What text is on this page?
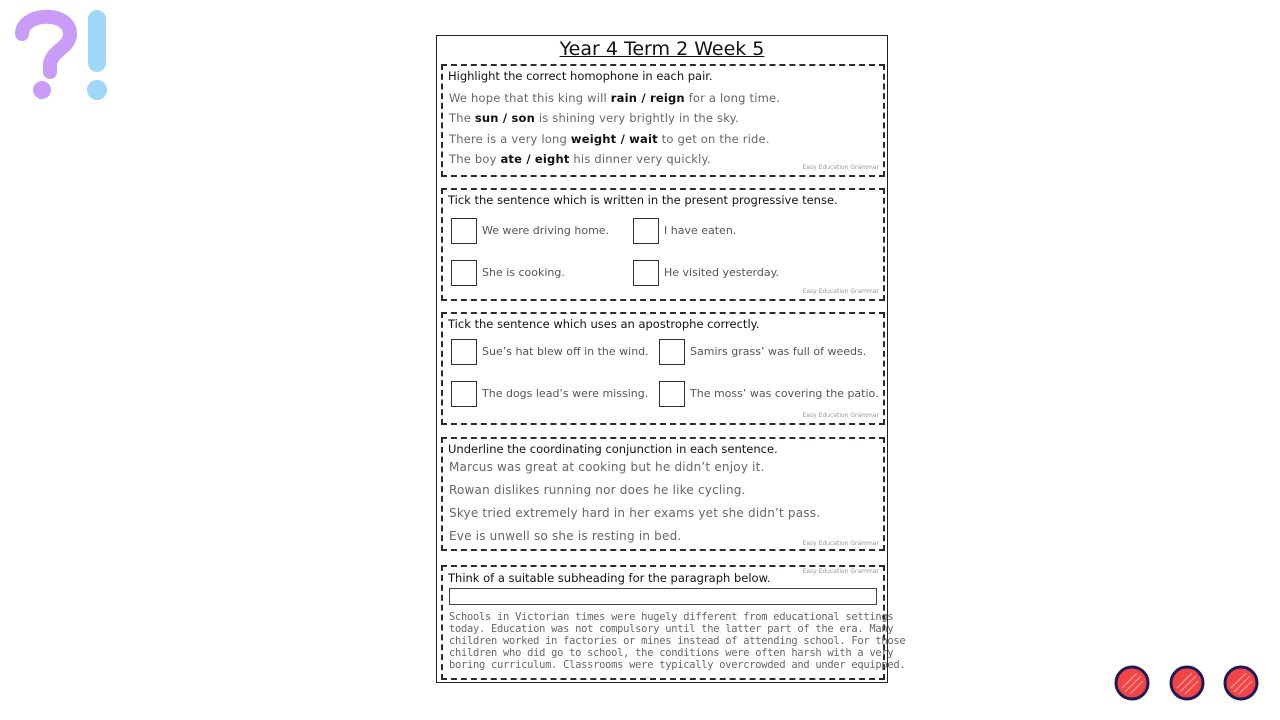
Year 4 Term 2 Week 5
Highlight the correct homophone in each pair.
We hope that this king will rain / reign for a long time.
The sun / son is shining very brightly in the sky.
There is a very long weight / wait to get on the ride.
The boy ate / eight his dinner very quickly.
Easy Education Grammar
Tick the sentence which is written in the present progressive tense.
We were driving home.	I have eaten.
She is cooking.	He visited yesterday.
Easy Education Grammar
Tick the sentence which uses an apostrophe correctly.
Sue’s hat blew off in the wind.	Samirs grass’ was full of weeds.
The dogs lead’s were missing.	The moss’ was covering the patio.
Easy Education Grammar
Underline the coordinating conjunction in each sentence.
Marcus was great at cooking but he didn’t enjoy it.
Rowan dislikes running nor does he like cycling.
Skye tried extremely hard in her exams yet she didn’t pass.
Eve is unwell so she is resting in bed.
Easy Education Grammar
Think of a suitable subheading for the paragraph below.	Easy Education Grammar
Schools in Victorian times were hugely different from educational settings
today. Education was not compulsory until the latter part of the era. Many
children worked in factories or mines instead of attending school. For those
children who did go to school, the conditions were often harsh with a very
boring curriculum. Classrooms were typically overcrowded and under equipped.
